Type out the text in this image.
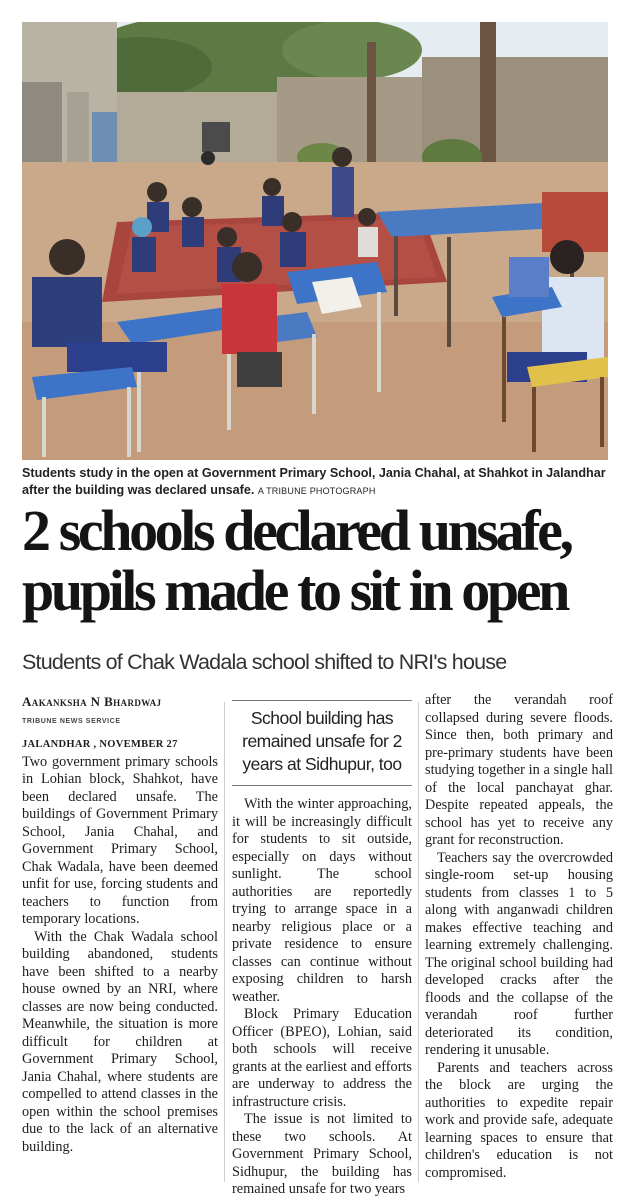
Students study in the open at Government Primary School, Jania Chahal, at Shahkot in Jalandhar after the building was declared unsafe. A TRIBUNE PHOTOGRAPH
2 schools declared unsafe,
pupils made to sit in open
Students of Chak Wadala school shifted to NRI's house
Aakanksha N Bhardwaj
TRIBUNE NEWS SERVICE
JALANDHAR , NOVEMBER 27

Two government primary schools in Lohian block, Shahkot, have been declared unsafe. The buildings of Government Primary School, Jania Chahal, and Government Primary School, Chak Wadala, have been deemed unfit for use, forcing students and teachers to function from temporary locations.

With the Chak Wadala school building abandoned, students have been shifted to a nearby house owned by an NRI, where classes are now being conducted. Meanwhile, the situation is more difficult for children at Government Primary School, Jania Chahal, where students are compelled to attend classes in the open within the school premises due to the lack of an alternative building.

School building has remained unsafe for 2 years at Sidhupur, too

With the winter approaching, it will be increasingly difficult for students to sit outside, especially on days without sunlight. The school authorities are reportedly trying to arrange space in a nearby religious place or a private residence to ensure classes can continue without exposing children to harsh weather.

Block Primary Education Officer (BPEO), Lohian, said both schools will receive grants at the earliest and efforts are underway to address the infrastructure crisis.

The issue is not limited to these two schools. At Government Primary School, Sidhupur, the building has remained unsafe for two years

after the verandah roof collapsed during severe floods. Since then, both primary and pre-primary students have been studying together in a single hall of the local panchayat ghar. Despite repeated appeals, the school has yet to receive any grant for reconstruction.

Teachers say the overcrowded single-room set-up housing students from classes 1 to 5 along with anganwadi children makes effective teaching and learning extremely challenging. The original school building had developed cracks after the floods and the collapse of the verandah roof further deteriorated its condition, rendering it unusable.

Parents and teachers across the block are urging the authorities to expedite repair work and provide safe, adequate learning spaces to ensure that children's education is not compromised.
